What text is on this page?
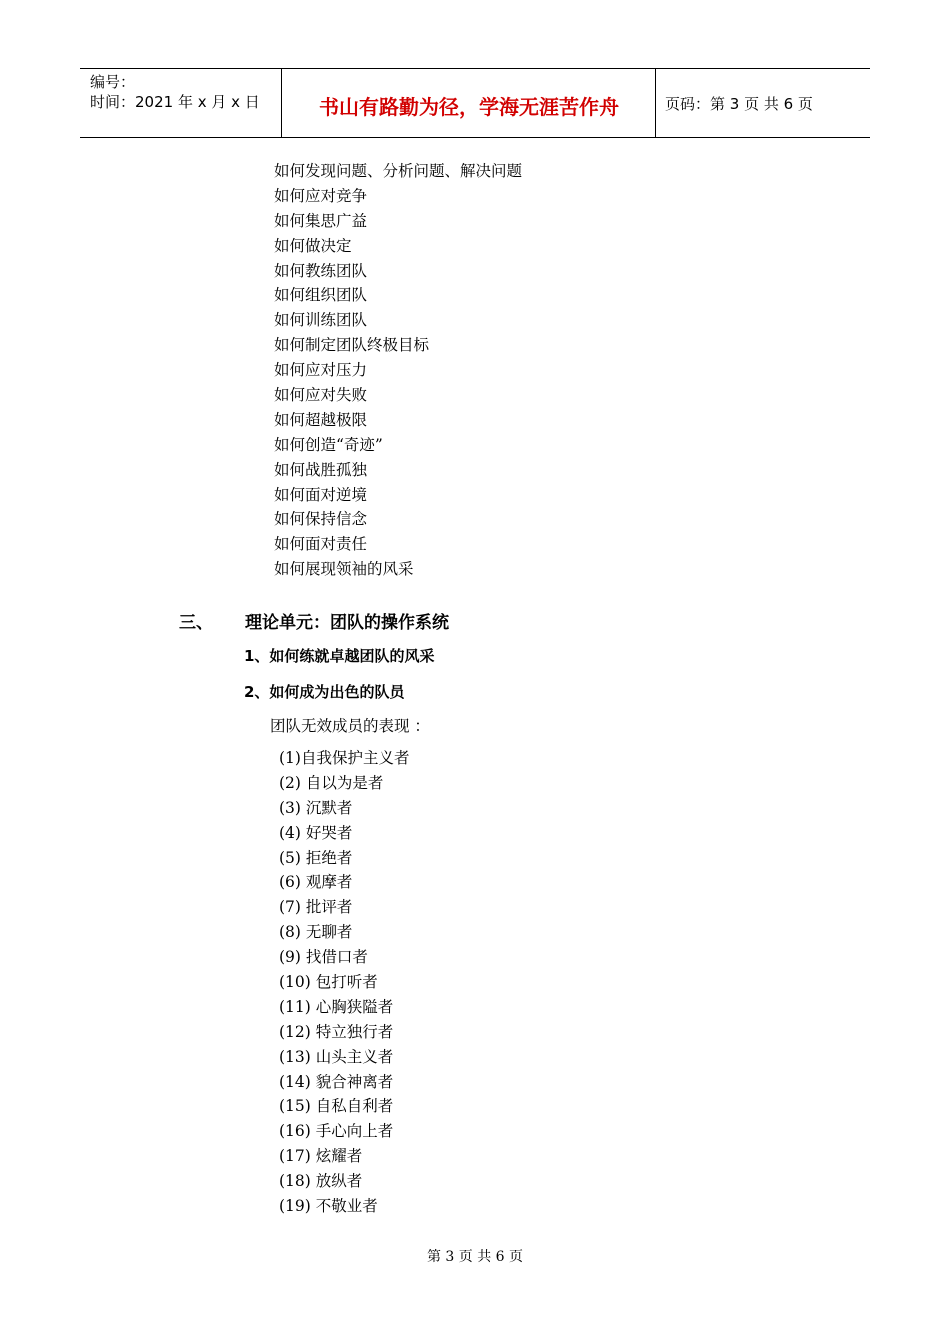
编号：
时间：2021 年 x 月 x 日	书山有路勤为径，学海无涯苦作舟	页码：第 3 页 共 6 页
如何发现问题、分析问题、解决问题
如何应对竞争
如何集思广益
如何做决定
如何教练团队
如何组织团队
如何训练团队
如何制定团队终极目标
如何应对压力
如何应对失败
如何超越极限
如何创造“奇迹”
如何战胜孤独
如何面对逆境
如何保持信念
如何面对责任
如何展现领袖的风采
三、 理论单元：团队的操作系统
1、如何练就卓越团队的风采
2、如何成为出色的队员
团队无效成员的表现 ：
(1)自我保护主义者
(2) 自以为是者
(3) 沉默者
(4) 好哭者
(5) 拒绝者
(6) 观摩者
(7) 批评者
(8) 无聊者
(9) 找借口者
(10) 包打听者
(11) 心胸狭隘者
(12) 特立独行者
(13) 山头主义者
(14) 貌合神离者
(15) 自私自利者
(16) 手心向上者
(17) 炫耀者
(18) 放纵者
(19) 不敬业者
第 3 页 共 6 页
